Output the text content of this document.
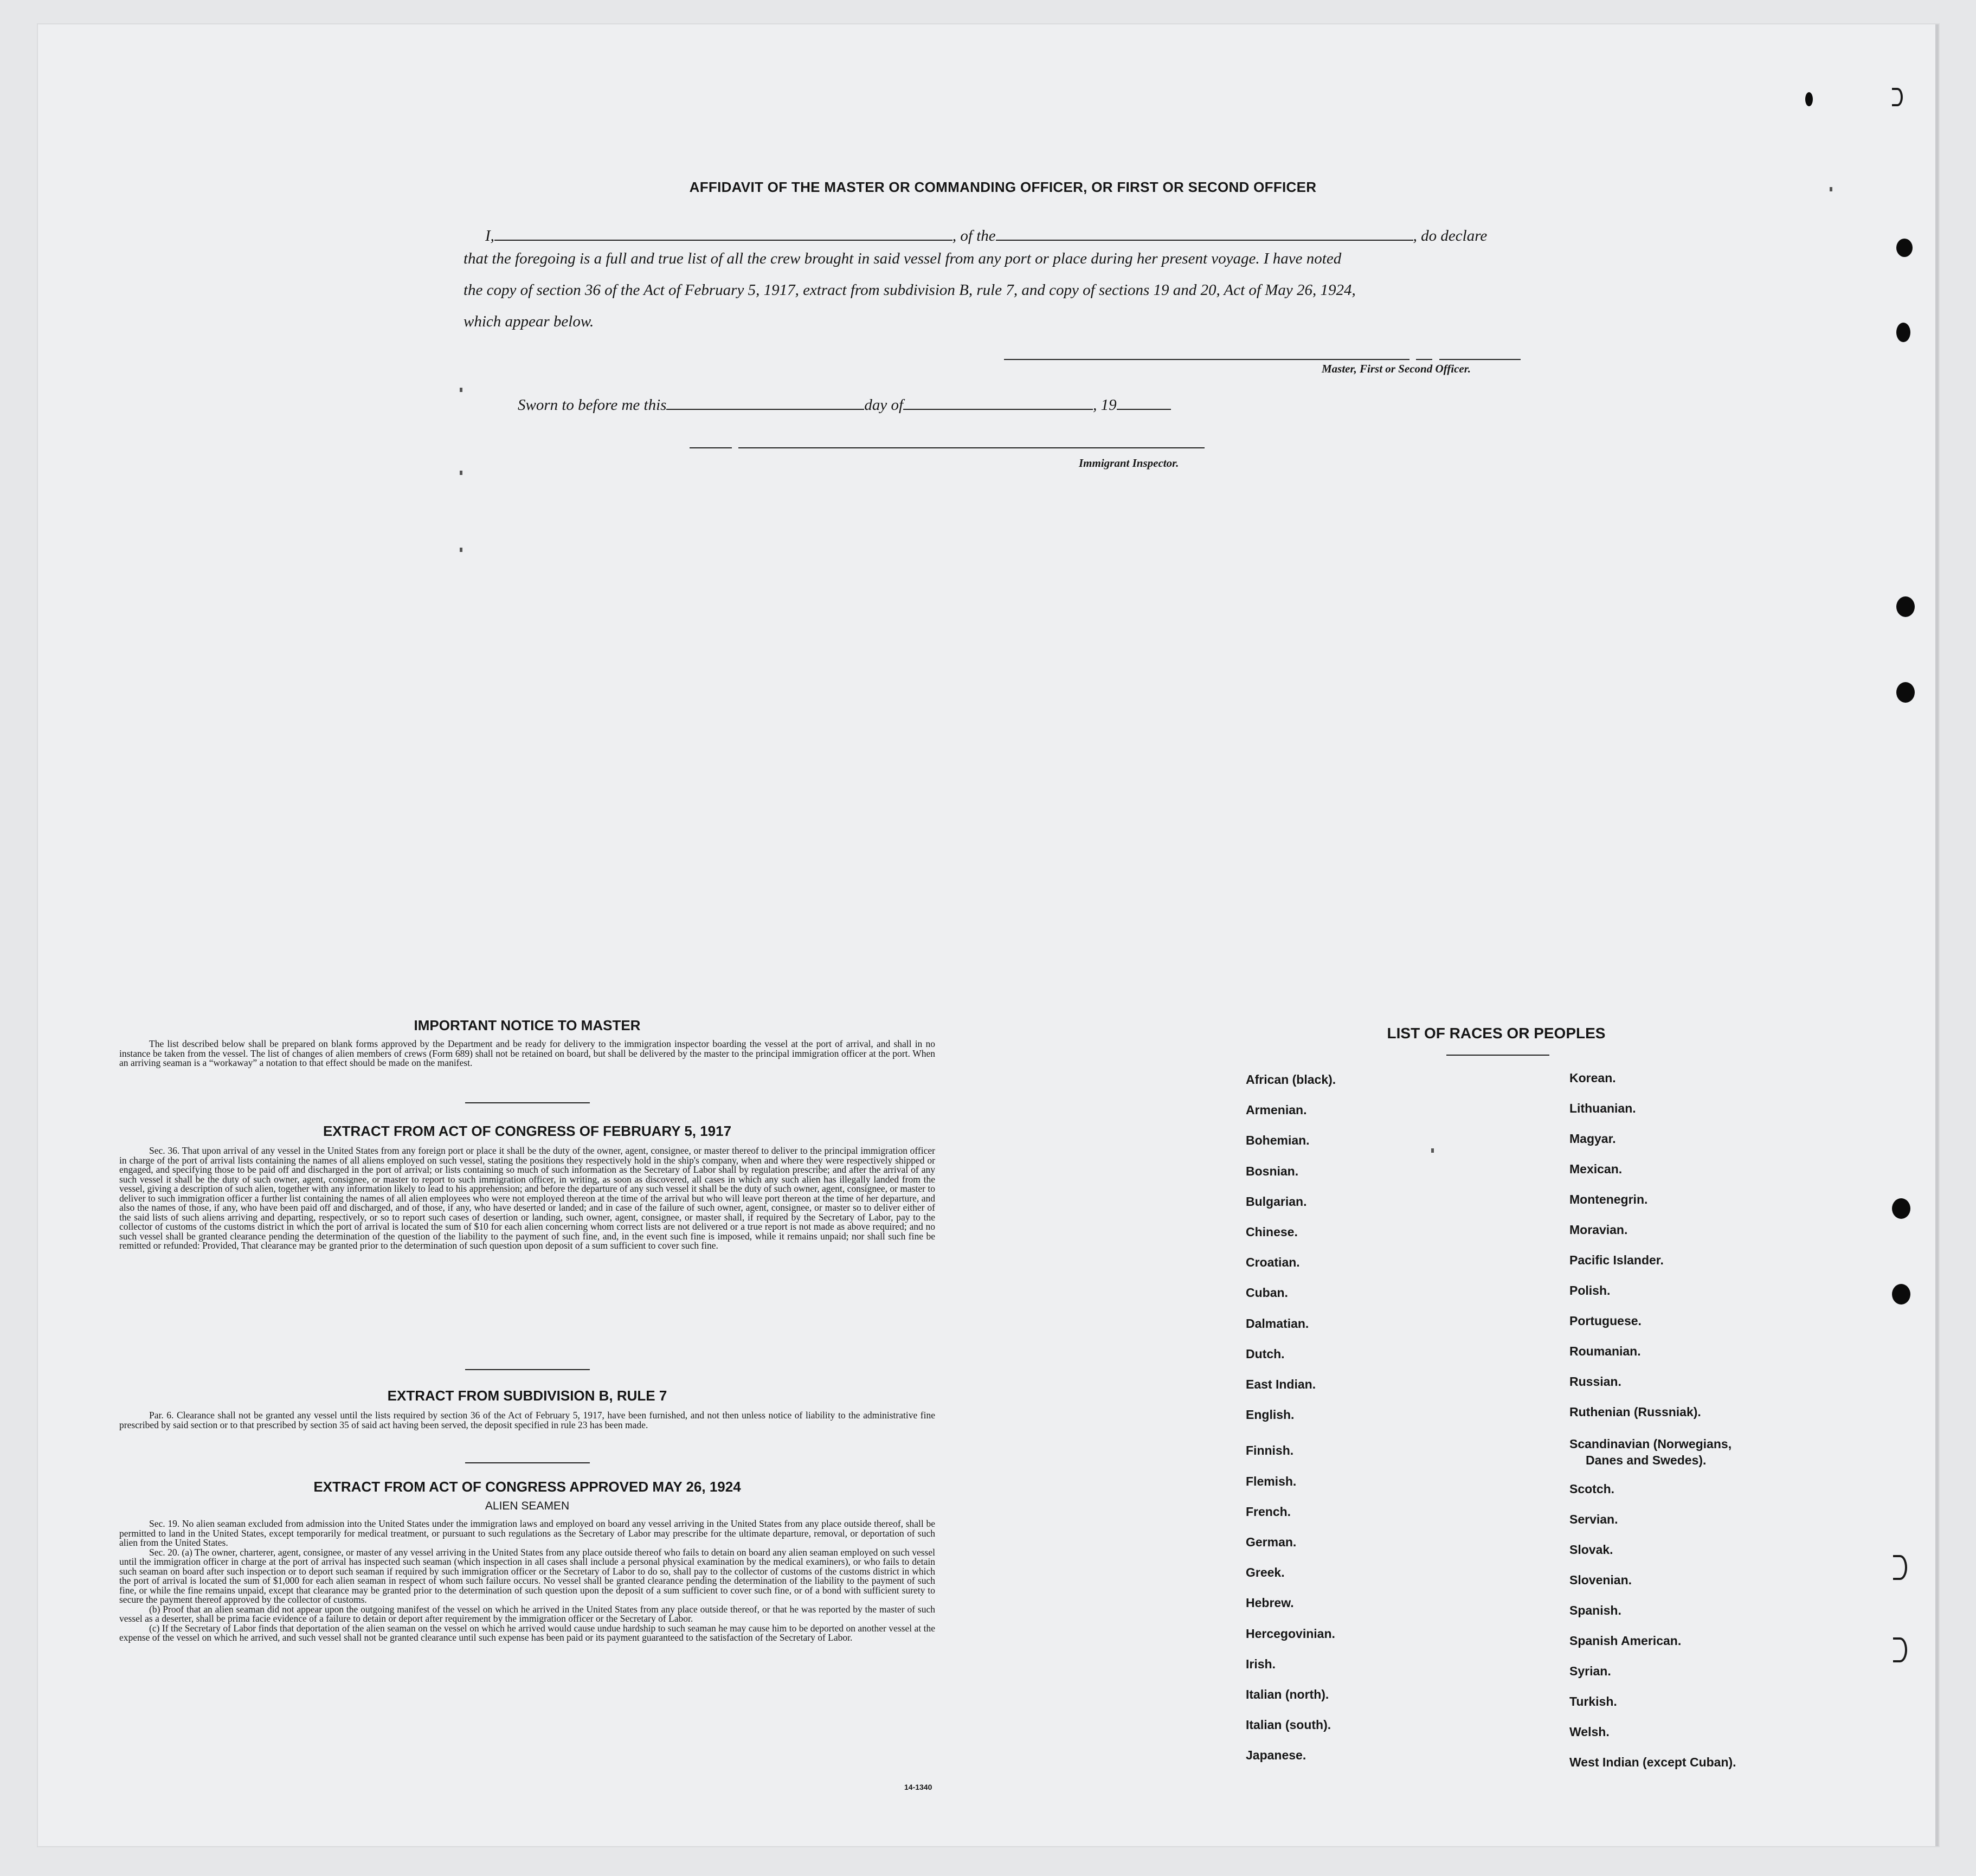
AFFIDAVIT OF THE MASTER OR COMMANDING OFFICER, OR FIRST OR SECOND OFFICER
I,	, of the	, do declare
that the foregoing is a full and true list of all the crew brought in said vessel from any port or place during her present voyage. I have noted
the copy of section 36 of the Act of February 5, 1917, extract from subdivision B, rule 7, and copy of sections 19 and 20, Act of May 26, 1924,
which appear below.
Master, First or Second Officer.
Sworn to before me this	day of	, 19
Immigrant Inspector.
IMPORTANT NOTICE TO MASTER

The list described below shall be prepared on blank forms approved by the Department and be ready for delivery to the immigration inspector boarding the vessel at the port of arrival, and shall in no instance be taken from the vessel. The list of changes of alien members of crews (Form 689) shall not be retained on board, but shall be delivered by the master to the principal immigration officer at the port. When an arriving seaman is a “workaway” a notation to that effect should be made on the manifest.

EXTRACT FROM ACT OF CONGRESS OF FEBRUARY 5, 1917

Sec. 36. That upon arrival of any vessel in the United States from any foreign port or place it shall be the duty of the owner, agent, consignee, or master thereof to deliver to the principal immigration officer in charge of the port of arrival lists containing the names of all aliens employed on such vessel, stating the positions they respectively hold in the ship's company, when and where they were respectively shipped or engaged, and specifying those to be paid off and discharged in the port of arrival; or lists containing so much of such information as the Secretary of Labor shall by regulation prescribe; and after the arrival of any such vessel it shall be the duty of such owner, agent, consignee, or master to report to such immigration officer, in writing, as soon as discovered, all cases in which any such alien has illegally landed from the vessel, giving a description of such alien, together with any information likely to lead to his apprehension; and before the departure of any such vessel it shall be the duty of such owner, agent, consignee, or master to deliver to such immigration officer a further list containing the names of all alien employees who were not employed thereon at the time of the arrival but who will leave port thereon at the time of her departure, and also the names of those, if any, who have been paid off and discharged, and of those, if any, who have deserted or landed; and in case of the failure of such owner, agent, consignee, or master so to deliver either of the said lists of such aliens arriving and departing, respectively, or so to report such cases of desertion or landing, such owner, agent, consignee, or master shall, if required by the Secretary of Labor, pay to the collector of customs of the customs district in which the port of arrival is located the sum of $10 for each alien concerning whom correct lists are not delivered or a true report is not made as above required; and no such vessel shall be granted clearance pending the determination of the question of the liability to the payment of such fine, and, in the event such fine is imposed, while it remains unpaid; nor shall such fine be remitted or refunded: Provided, That clearance may be granted prior to the determination of such question upon deposit of a sum sufficient to cover such fine.

EXTRACT FROM SUBDIVISION B, RULE 7

Par. 6. Clearance shall not be granted any vessel until the lists required by section 36 of the Act of February 5, 1917, have been furnished, and not then unless notice of liability to the administrative fine prescribed by said section or to that prescribed by section 35 of said act having been served, the deposit specified in rule 23 has been made.

EXTRACT FROM ACT OF CONGRESS APPROVED MAY 26, 1924
ALIEN SEAMEN

Sec. 19. No alien seaman excluded from admission into the United States under the immigration laws and employed on board any vessel arriving in the United States from any place outside thereof, shall be permitted to land in the United States, except temporarily for medical treatment, or pursuant to such regulations as the Secretary of Labor may prescribe for the ultimate departure, removal, or deportation of such alien from the United States.

Sec. 20. (a) The owner, charterer, agent, consignee, or master of any vessel arriving in the United States from any place outside thereof who fails to detain on board any alien seaman employed on such vessel until the immigration officer in charge at the port of arrival has inspected such seaman (which inspection in all cases shall include a personal physical examination by the medical examiners), or who fails to detain such seaman on board after such inspection or to deport such seaman if required by such immigration officer or the Secretary of Labor to do so, shall pay to the collector of customs of the customs district in which the port of arrival is located the sum of $1,000 for each alien seaman in respect of whom such failure occurs. No vessel shall be granted clearance pending the determination of the liability to the payment of such fine, or while the fine remains unpaid, except that clearance may be granted prior to the determination of such question upon the deposit of a sum sufficient to cover such fine, or of a bond with sufficient surety to secure the payment thereof approved by the collector of customs.

(b) Proof that an alien seaman did not appear upon the outgoing manifest of the vessel on which he arrived in the United States from any place outside thereof, or that he was reported by the master of such vessel as a deserter, shall be prima facie evidence of a failure to detain or deport after requirement by the immigration officer or the Secretary of Labor.

(c) If the Secretary of Labor finds that deportation of the alien seaman on the vessel on which he arrived would cause undue hardship to such seaman he may cause him to be deported on another vessel at the expense of the vessel on which he arrived, and such vessel shall not be granted clearance until such expense has been paid or its payment guaranteed to the satisfaction of the Secretary of Labor.

14-1340
LIST OF RACES OR PEOPLES
African (black).
Armenian.
Bohemian.
Bosnian.
Bulgarian.
Chinese.
Croatian.
Cuban.
Dalmatian.
Dutch.
East Indian.
English.
Finnish.
Flemish.
French.
German.
Greek.
Hebrew.
Hercegovinian.
Irish.
Italian (north).
Italian (south).
Japanese.
Korean.
Lithuanian.
Magyar.
Mexican.
Montenegrin.
Moravian.
Pacific Islander.
Polish.
Portuguese.
Roumanian.
Russian.
Ruthenian (Russniak).
Scandinavian (Norwegians,
Danes and Swedes).
Scotch.
Servian.
Slovak.
Slovenian.
Spanish.
Spanish American.
Syrian.
Turkish.
Welsh.
West Indian (except Cuban).
